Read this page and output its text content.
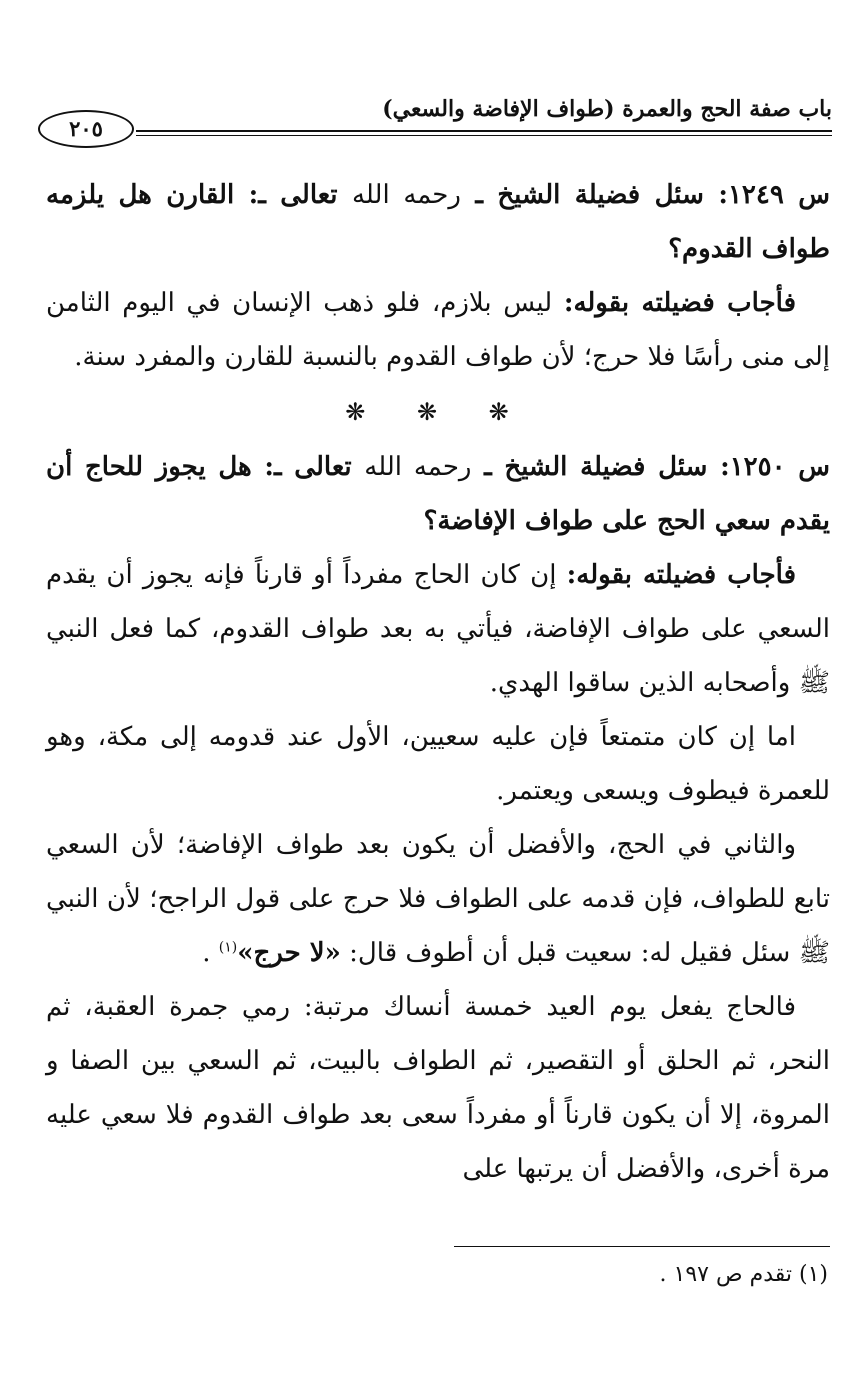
باب صفة الحج والعمرة (طواف الإفاضة والسعي)
٢٠٥

س ١٢٤٩: سئل فضيلة الشيخ ـ رحمه الله تعالى ـ: القارن هل يلزمه طواف القدوم؟

فأجاب فضيلته بقوله: ليس بلازم، فلو ذهب الإنسان في اليوم الثامن إلى منى رأسًا فلا حرج؛ لأن طواف القدوم بالنسبة للقارن والمفرد سنة.

❋ ❋ ❋

س ١٢٥٠: سئل فضيلة الشيخ ـ رحمه الله تعالى ـ: هل يجوز للحاج أن يقدم سعي الحج على طواف الإفاضة؟

فأجاب فضيلته بقوله: إن كان الحاج مفرداً أو قارناً فإنه يجوز أن يقدم السعي على طواف الإفاضة، فيأتي به بعد طواف القدوم، كما فعل النبي ﷺ وأصحابه الذين ساقوا الهدي.

اما إن كان متمتعاً فإن عليه سعيين، الأول عند قدومه إلى مكة، وهو للعمرة فيطوف ويسعى ويعتمر.

والثاني في الحج، والأفضل أن يكون بعد طواف الإفاضة؛ لأن السعي تابع للطواف، فإن قدمه على الطواف فلا حرج على قول الراجح؛ لأن النبي ﷺ سئل فقيل له: سعيت قبل أن أطوف قال: «لا حرج»$^{(١)}$ .

فالحاج يفعل يوم العيد خمسة أنساك مرتبة: رمي جمرة العقبة، ثم النحر، ثم الحلق أو التقصير، ثم الطواف بالبيت، ثم السعي بين الصفا و المروة، إلا أن يكون قارناً أو مفرداً سعى بعد طواف القدوم فلا سعي عليه مرة أخرى، والأفضل أن يرتبها على

(١) تقدم ص ١٩٧ .
